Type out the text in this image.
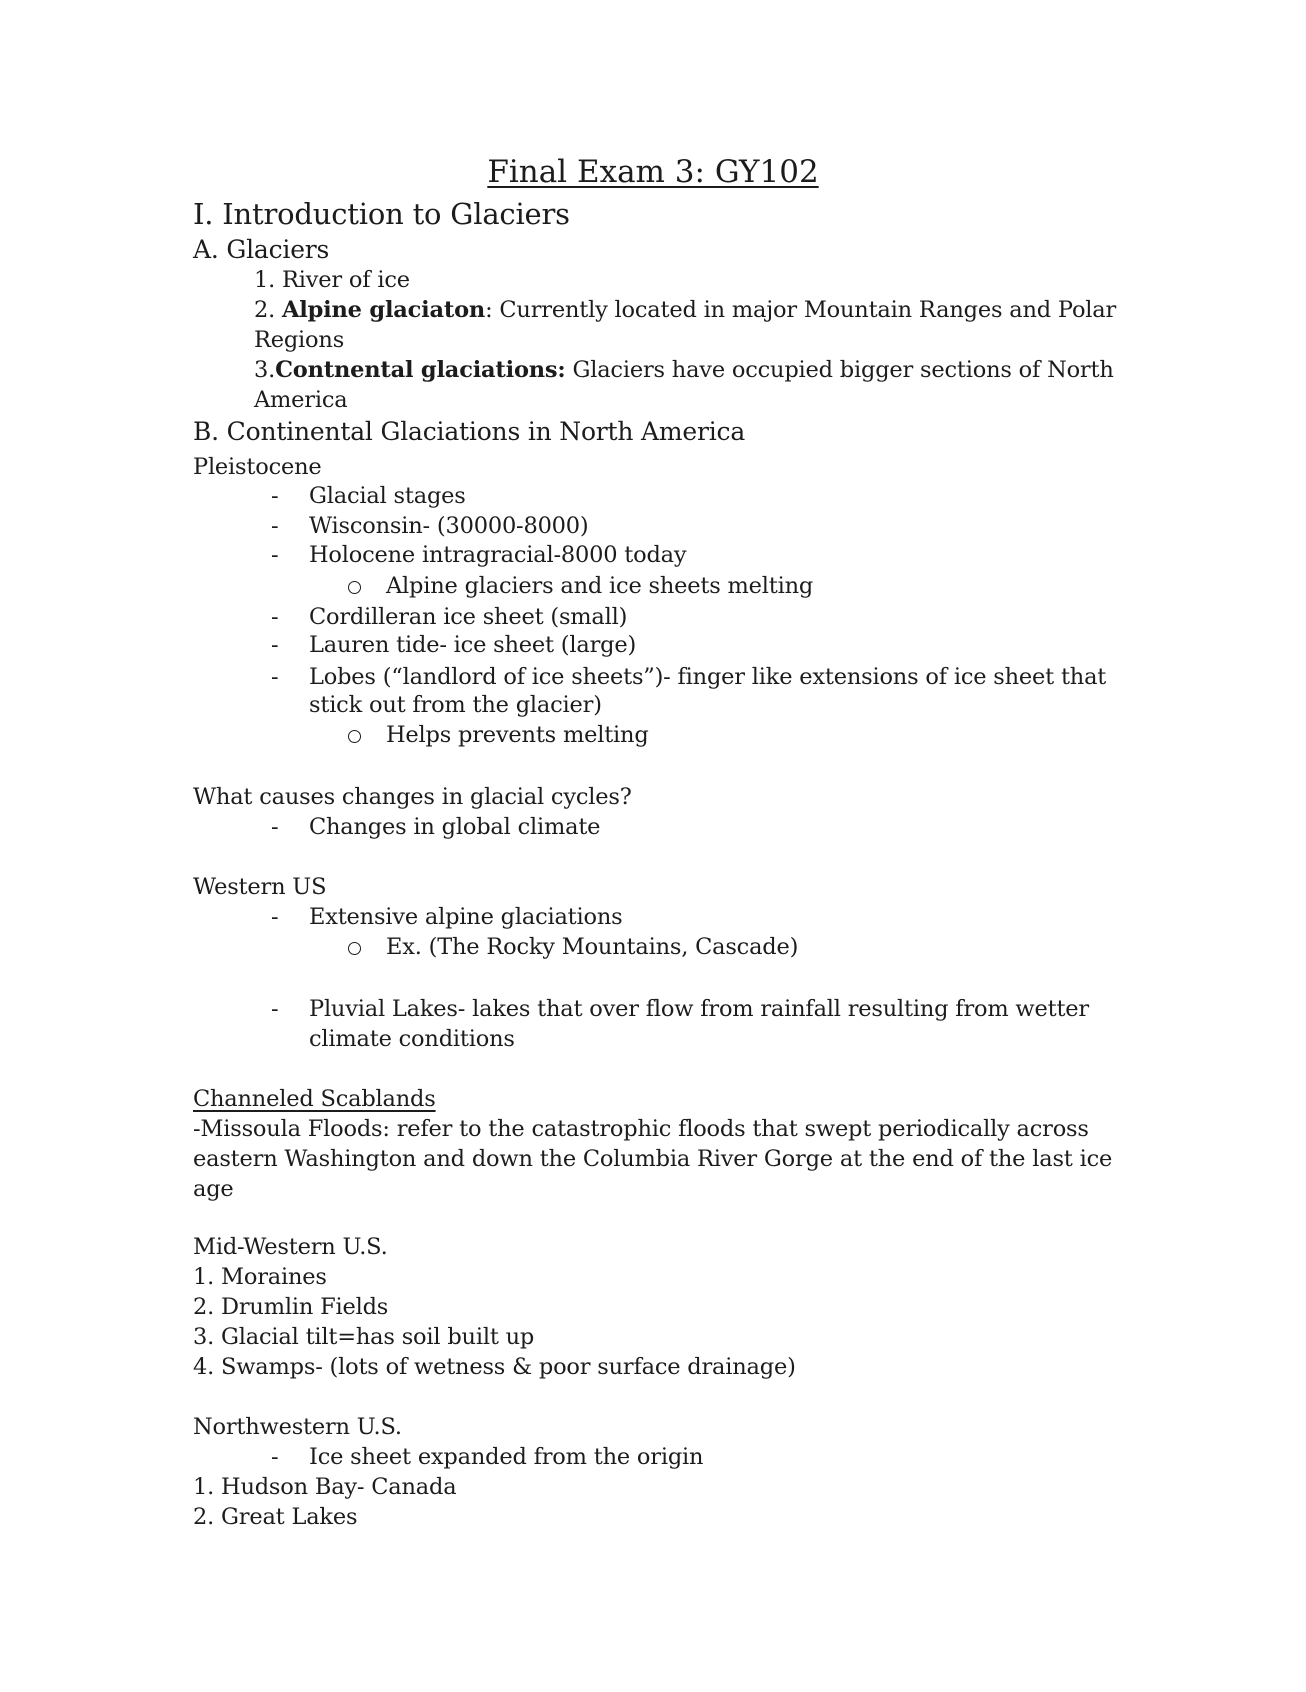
Final Exam 3: GY102
I. Introduction to Glaciers
A. Glaciers
1. River of ice
2. Alpine glaciaton: Currently located in major Mountain Ranges and Polar
Regions
3.Contnental glaciations: Glaciers have occupied bigger sections of North
America
B. Continental Glaciations in North America
Pleistocene
- Glacial stages
- Wisconsin- (30000-8000)
- Holocene intragracial-8000 today
Alpine glaciers and ice sheets melting
- Cordilleran ice sheet (small)
- Lauren tide- ice sheet (large)
- Lobes (“landlord of ice sheets”)- finger like extensions of ice sheet that
stick out from the glacier)
Helps prevents melting
What causes changes in glacial cycles?
- Changes in global climate
Western US
- Extensive alpine glaciations
Ex. (The Rocky Mountains, Cascade)
- Pluvial Lakes- lakes that over flow from rainfall resulting from wetter
climate conditions
Channeled Scablands
-Missoula Floods: refer to the catastrophic floods that swept periodically across
eastern Washington and down the Columbia River Gorge at the end of the last ice
age
Mid-Western U.S.
1. Moraines
2. Drumlin Fields
3. Glacial tilt=has soil built up
4. Swamps- (lots of wetness & poor surface drainage)
Northwestern U.S.
- Ice sheet expanded from the origin
1. Hudson Bay- Canada
2. Great Lakes
